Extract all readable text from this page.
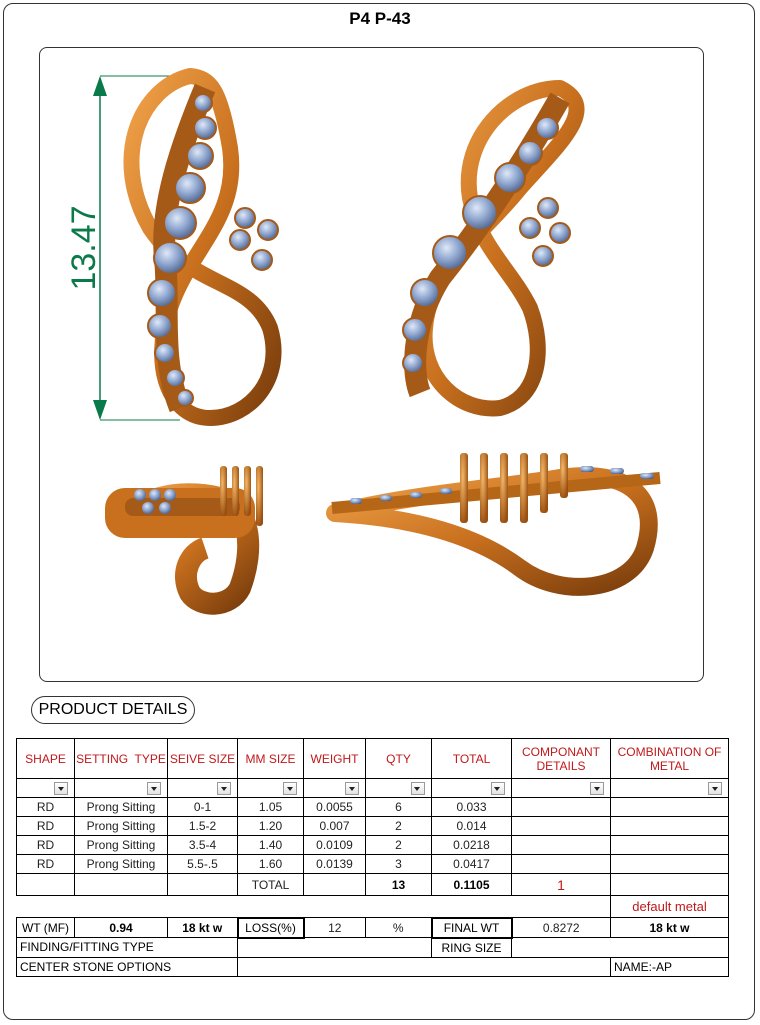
P4 P-43
13.47
PRODUCT DETAILS
SHAPE	SETTING  TYPE	SEIVE SIZE	MM SIZE	WEIGHT	QTY	TOTAL	COMPONANT DETAILS	COMBINATION OF METAL

RD	Prong Sitting	0-1	1.05	0.0055	6	0.033		
RD	Prong Sitting	1.5-2	1.20	0.007	2	0.014		
RD	Prong Sitting	3.5-4	1.40	0.0109	2	0.0218		
RD	Prong Sitting	5.5-.5	1.60	0.0139	3	0.0417		
			TOTAL		13	0.1105	1	
								default metal
WT (MF)	0.94	18 kt w	LOSS(%)	12	%	FINAL WT	0.8272	18 kt w
FINDING/FITTING TYPE						RING SIZE		
CENTER STONE OPTIONS								NAME:-AP
